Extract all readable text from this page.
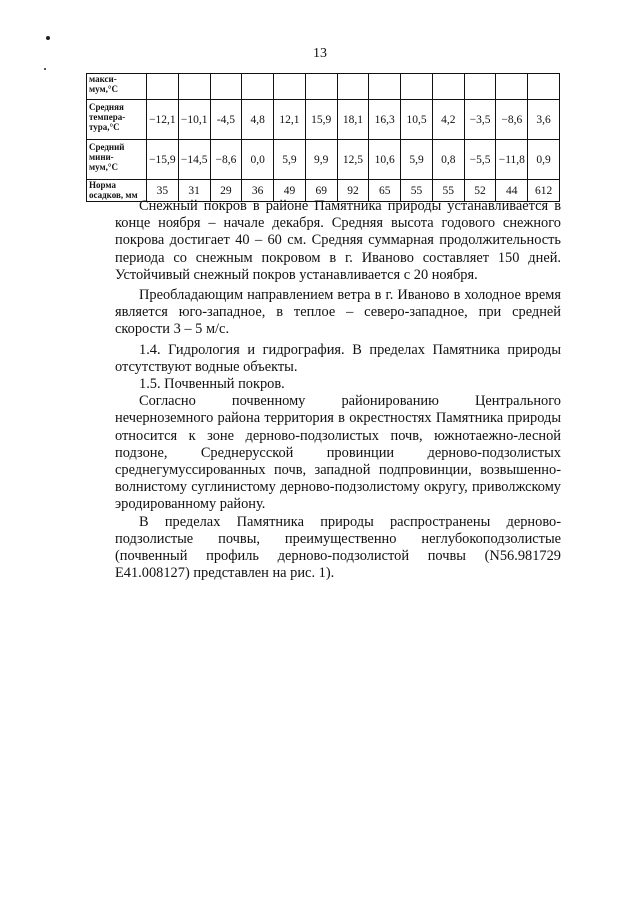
13
макси-
мум,°C													
Средняя
темпера-
тура,°C	−12,1	−10,1	-4,5	4,8	12,1	15,9	18,1	16,3	10,5	4,2	−3,5	−8,6	3,6
Средний
мини-
мум,°C	−15,9	−14,5	−8,6	0,0	5,9	9,9	12,5	10,6	5,9	0,8	−5,5	−11,8	0,9
Норма
осадков, мм	35	31	29	36	49	69	92	65	55	55	52	44	612

Снежный покров в районе Памятника природы устанавливается в конце ноября – начале декабря. Средняя высота годового снежного покрова достигает 40 – 60 см. Средняя суммарная продолжительность периода со снежным покровом в г. Иваново составляет 150 дней. Устойчивый снежный покров устанавливается с 20 ноября.

Преобладающим направлением ветра в г. Иваново в холодное время является юго-западное, в теплое – северо-западное, при средней скорости 3 – 5 м/с.

1.4. Гидрология и гидрография. В пределах Памятника природы отсутствуют водные объекты.

1.5. Почвенный покров.

Согласно почвенному районированию Центрального нечерноземного района территория в окрестностях Памятника природы относится к зоне дерново-подзолистых почв, южнотаежно-лесной подзоне, Среднерусской провинции дерново-подзолистых среднегумуссированных почв, западной подпровинции, возвышенно-волнистому суглинистому дерново-подзолистому округу, приволжскому эродированному району.

В пределах Памятника природы распространены дерново-подзолистые почвы, преимущественно неглубокоподзолистые (почвенный профиль дерново-подзолистой почвы (N56.981729 E41.008127) представлен на рис. 1).
